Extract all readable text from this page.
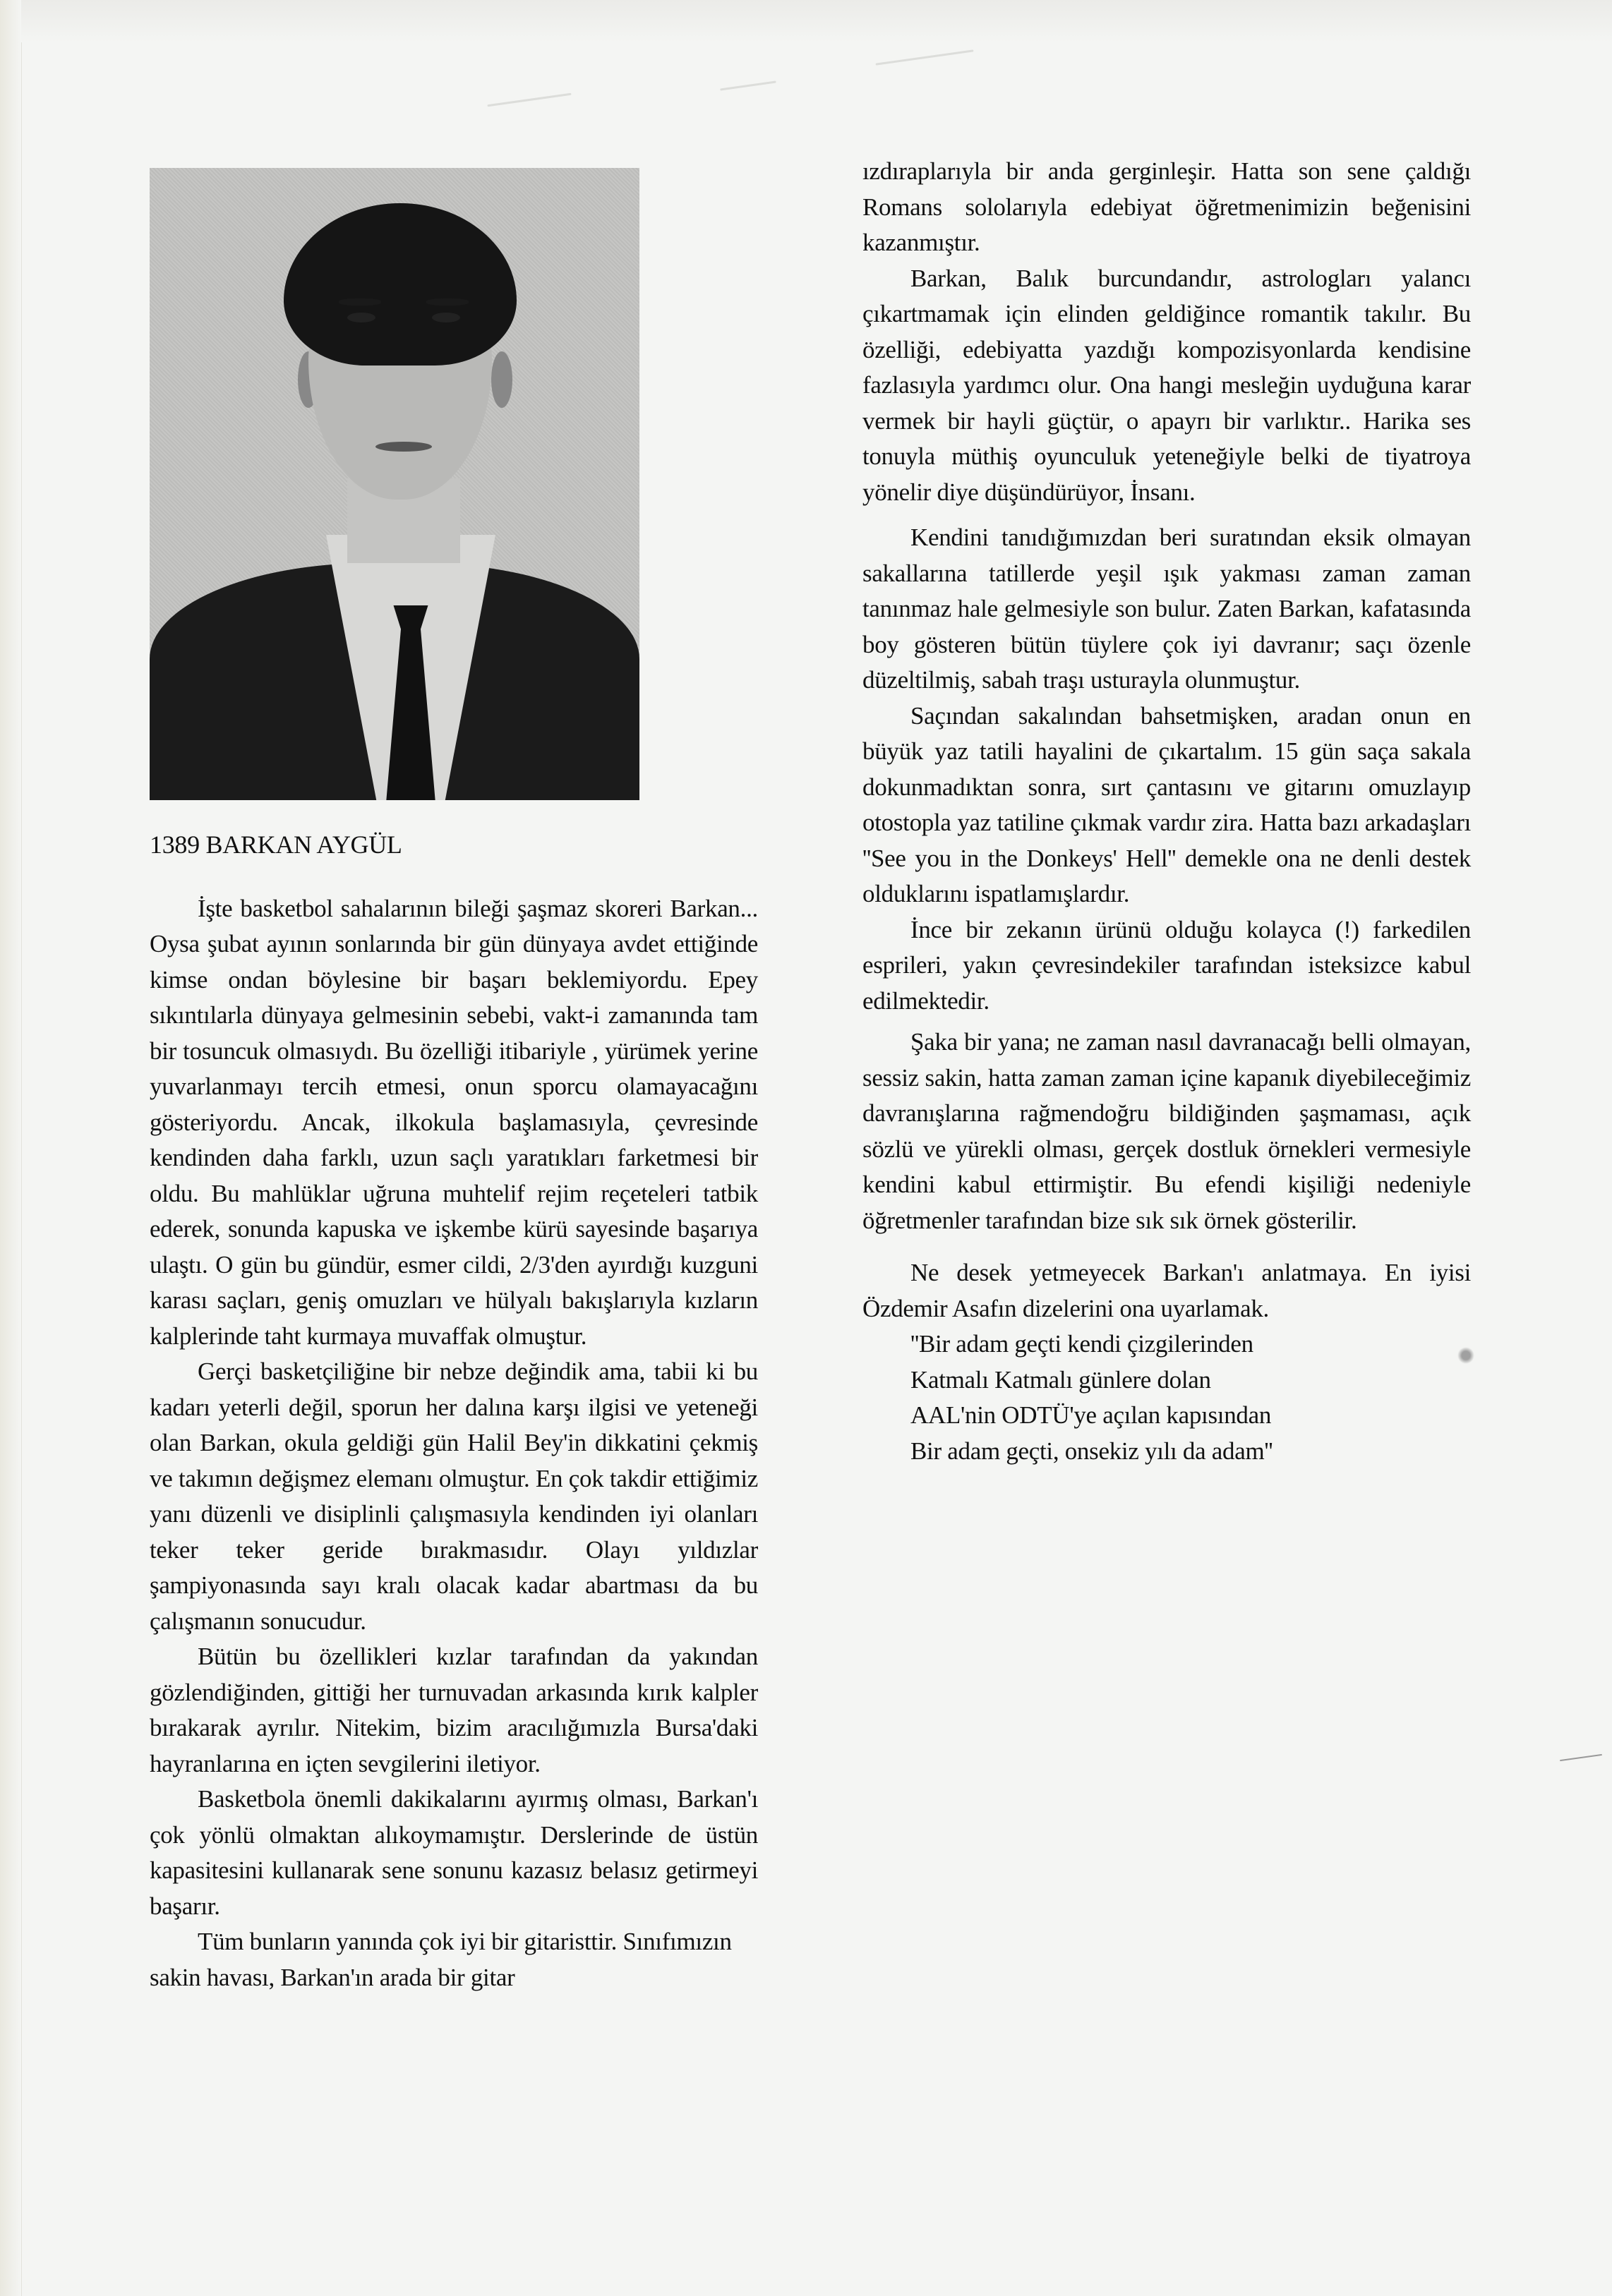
1389 BARKAN AYGÜL

İşte basketbol sahalarının bileği şaşmaz skoreri Barkan... Oysa şubat ayının sonlarında bir gün dünyaya avdet ettiğinde kimse ondan böylesine bir başarı beklemiyordu. Epey sıkıntılarla dünyaya gelmesinin sebebi, vakt-i zamanında tam bir tosuncuk olmasıydı. Bu özelliği itibariyle , yürümek yerine yuvarlanmayı tercih etmesi, onun sporcu olamayacağını gösteriyordu. Ancak, ilkokula başlamasıyla, çevresinde kendinden daha farklı, uzun saçlı yaratıkları farketmesi bir oldu. Bu mahlüklar uğruna muhtelif rejim reçeteleri tatbik ederek, sonunda kapuska ve işkembe kürü sayesinde başarıya ulaştı. O gün bu gündür, esmer cildi, 2/3'den ayırdığı kuzguni karası saçları, geniş omuzları ve hülyalı bakışlarıyla kızların kalplerinde taht kurmaya muvaffak olmuştur.

Gerçi basketçiliğine bir nebze değindik ama, tabii ki bu kadarı yeterli değil, sporun her dalına karşı ilgisi ve yeteneği olan Barkan, okula geldiği gün Halil Bey'in dikkatini çekmiş ve takımın değişmez elemanı olmuştur. En çok takdir ettiğimiz yanı düzenli ve disiplinli çalışmasıyla kendinden iyi olanları teker teker geride bırakmasıdır. Olayı yıldızlar şampiyonasında sayı kralı olacak kadar abartması da bu çalışmanın sonucudur.

Bütün bu özellikleri kızlar tarafından da yakından gözlendiğinden, gittiği her turnuvadan arkasında kırık kalpler bırakarak ayrılır. Nitekim, bizim aracılığımızla Bursa'daki hayranlarına en içten sevgilerini iletiyor.

Basketbola önemli dakikalarını ayırmış olması, Barkan'ı çok yönlü olmaktan alıkoymamıştır. Derslerinde de üstün kapasitesini kullanarak sene sonunu kazasız belasız getirmeyi başarır.

Tüm bunların yanında çok iyi bir gitaristtir. Sınıfımızın sakin havası, Barkan'ın arada bir gitar

ızdıraplarıyla bir anda gerginleşir. Hatta son sene çaldığı Romans sololarıyla edebiyat öğretmenimizin beğenisini kazanmıştır.

Barkan, Balık burcundandır, astrologları yalancı çıkartmamak için elinden geldiğince romantik takılır. Bu özelliği, edebiyatta yazdığı kompozisyonlarda kendisine fazlasıyla yardımcı olur. Ona hangi mesleğin uyduğuna karar vermek bir hayli güçtür, o apayrı bir varlıktır.. Harika ses tonuyla müthiş oyunculuk yeteneğiyle belki de tiyatroya yönelir diye düşündürüyor, İnsanı.

Kendini tanıdığımızdan beri suratından eksik olmayan sakallarına tatillerde yeşil ışık yakması zaman zaman tanınmaz hale gelmesiyle son bulur. Zaten Barkan, kafatasında boy gösteren bütün tüylere çok iyi davranır; saçı özenle düzeltilmiş, sabah traşı usturayla olunmuştur.

Saçından sakalından bahsetmişken, aradan onun en büyük yaz tatili hayalini de çıkartalım. 15 gün saça sakala dokunmadıktan sonra, sırt çantasını ve gitarını omuzlayıp otostopla yaz tatiline çıkmak vardır zira. Hatta bazı arkadaşları ''See you in the Donkeys' Hell'' demekle ona ne denli destek olduklarını ispatlamışlardır.

İnce bir zekanın ürünü olduğu kolayca (!) farkedilen esprileri, yakın çevresindekiler tarafından isteksizce kabul edilmektedir.

Şaka bir yana; ne zaman nasıl davranacağı belli olmayan, sessiz sakin, hatta zaman zaman içine kapanık diyebileceğimiz davranışlarına rağmendoğru bildiğinden şaşmaması, açık sözlü ve yürekli olması, gerçek dostluk örnekleri vermesiyle kendini kabul ettirmiştir. Bu efendi kişiliği nedeniyle öğretmenler tarafından bize sık sık örnek gösterilir.

Ne desek yetmeyecek Barkan'ı anlatmaya. En iyisi Özdemir Asafın dizelerini ona uyarlamak.

''Bir adam geçti kendi çizgilerinden
Katmalı Katmalı günlere dolan
AAL'nin ODTÜ'ye açılan kapısından
Bir adam geçti, onsekiz yılı da adam''
